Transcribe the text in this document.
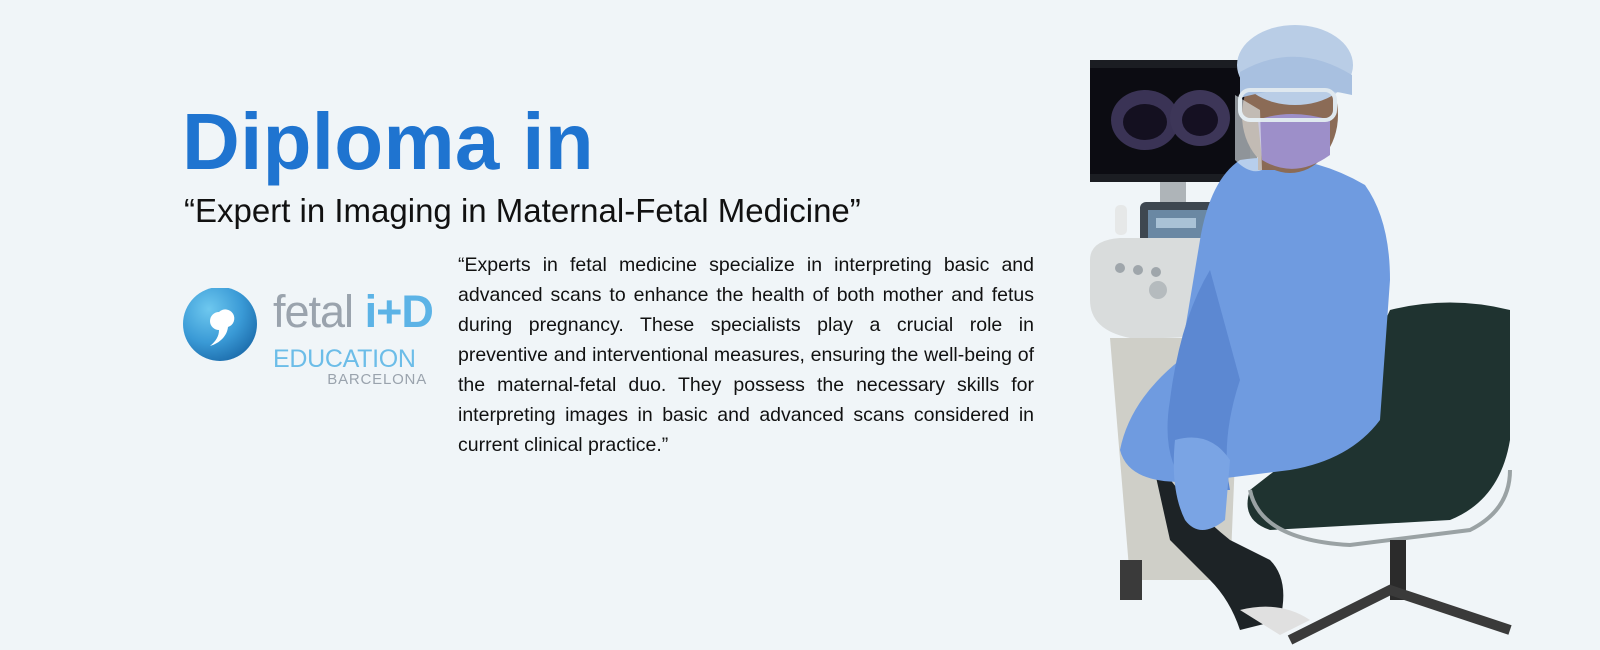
Diploma in
“Expert in Imaging in Maternal-Fetal Medicine”
fetal i+D
EDUCATION
BARCELONA

“Experts in fetal medicine specialize in interpreting basic and advanced scans to enhance the health of both mother and fetus during pregnancy. These specialists play a crucial role in preventive and interventional measures, ensuring the well-being of the maternal-fetal duo. They possess the necessary skills for interpreting images in basic and advanced scans considered in current clinical practice.”
